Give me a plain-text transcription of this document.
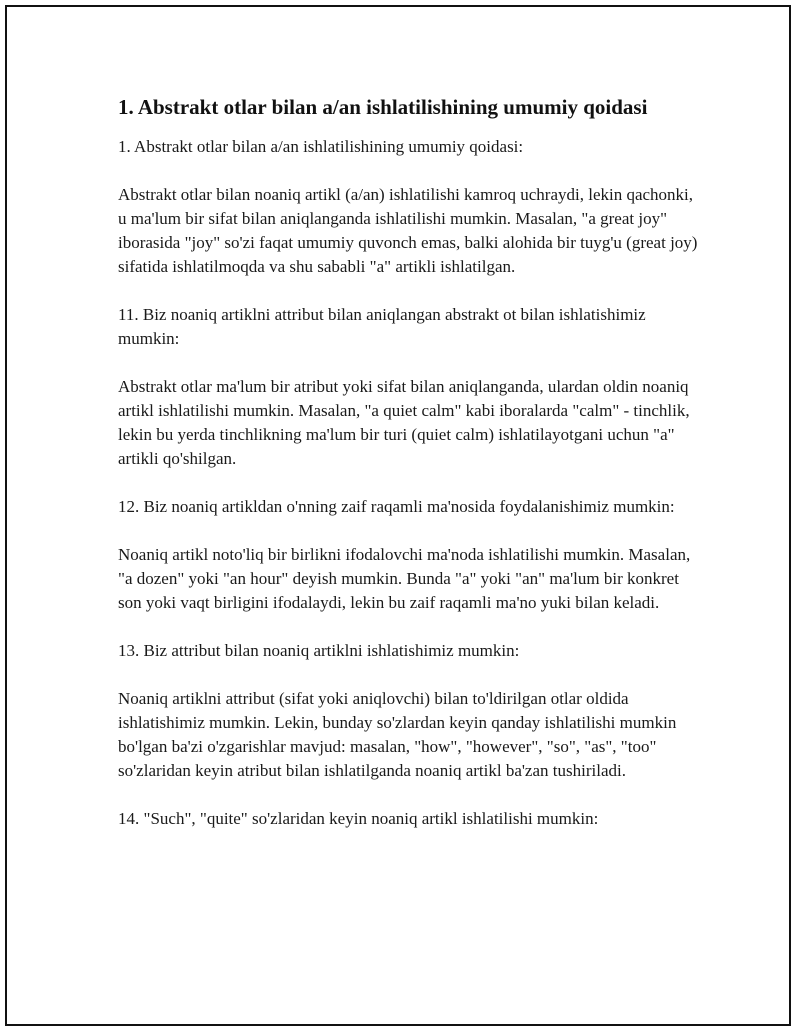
1. Abstrakt otlar bilan a/an ishlatilishining umumiy qoidasi

1. Abstrakt otlar bilan a/an ishlatilishining umumiy qoidasi:

Abstrakt otlar bilan noaniq artikl (a/an) ishlatilishi kamroq uchraydi, lekin qachonki, u ma'lum bir sifat bilan aniqlanganda ishlatilishi mumkin. Masalan, "a great joy" iborasida "joy" so'zi faqat umumiy quvonch emas, balki alohida bir tuyg'u (great joy) sifatida ishlatilmoqda va shu sababli "a" artikli ishlatilgan.

11. Biz noaniq artiklni attribut bilan aniqlangan abstrakt ot bilan ishlatishimiz mumkin:

Abstrakt otlar ma'lum bir atribut yoki sifat bilan aniqlanganda, ulardan oldin noaniq artikl ishlatilishi mumkin. Masalan, "a quiet calm" kabi iboralarda "calm" - tinchlik, lekin bu yerda tinchlikning ma'lum bir turi (quiet calm) ishlatilayotgani uchun "a" artikli qo'shilgan.

12. Biz noaniq artikldan o'nning zaif raqamli ma'nosida foydalanishimiz mumkin:

Noaniq artikl noto'liq bir birlikni ifodalovchi ma'noda ishlatilishi mumkin. Masalan, "a dozen" yoki "an hour" deyish mumkin. Bunda "a" yoki "an" ma'lum bir konkret son yoki vaqt birligini ifodalaydi, lekin bu zaif raqamli ma'no yuki bilan keladi.

13. Biz attribut bilan noaniq artiklni ishlatishimiz mumkin:

Noaniq artiklni attribut (sifat yoki aniqlovchi) bilan to'ldirilgan otlar oldida ishlatishimiz mumkin. Lekin, bunday so'zlardan keyin qanday ishlatilishi mumkin bo'lgan ba'zi o'zgarishlar mavjud: masalan, "how", "however", "so", "as", "too" so'zlaridan keyin atribut bilan ishlatilganda noaniq artikl ba'zan tushiriladi.

14. "Such", "quite" so'zlaridan keyin noaniq artikl ishlatilishi mumkin:
